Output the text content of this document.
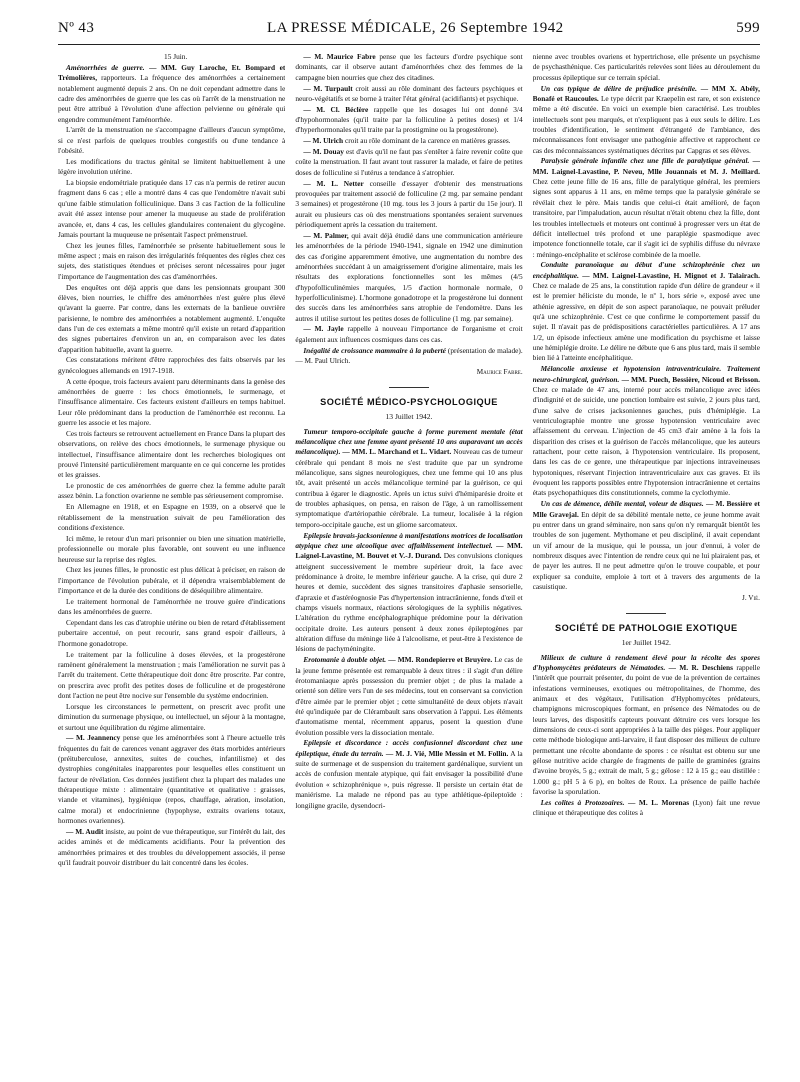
Nº 43	LA PRESSE MÉDICALE, 26 Septembre 1942	599

15 Juin.

Aménorrhées de guerre. — MM. Guy Laroche, Et. Bompard et Trémolières, rapporteurs. La fréquence des aménorrhées a certainement notablement augmenté depuis 2 ans. On ne doit cependant admettre dans le cadre des aménorrhées de guerre que les cas où l'arrêt de la menstruation ne peut être attribué à l'évolution d'une affection pelvienne ou générale qui engendre communément l'aménorrhée.

L'arrêt de la menstruation ne s'accompagne d'ailleurs d'aucun symptôme, si ce n'est parfois de quelques troubles congestifs ou d'une tendance à l'obésité.

Les modifications du tractus génital se limitent habituellement à une légère involution utérine.

La biopsie endométriale pratiquée dans 17 cas n'a permis de retirer aucun fragment dans 6 cas ; elle a montré dans 4 cas que l'endomètre n'avait subi qu'une faible stimulation folliculinique. Dans 3 cas l'action de la folliculine avait été assez intense pour amener la muqueuse au stade de prolifération avancée, et, dans 4 cas, les cellules glandulaires contenaient du glycogène. Jamais pourtant la muqueuse ne présentait l'aspect prémenstruel.

Chez les jeunes filles, l'aménorrhée se présente habituellement sous le même aspect ; mais en raison des irrégularités fréquentes des règles chez ces sujets, des statistiques étendues et précises seront nécessaires pour juger l'importance de l'augmentation des cas d'aménorrhées.

Des enquêtes ont déjà appris que dans les pensionnats groupant 300 élèves, bien nourries, le chiffre des aménorrhées n'est guère plus élevé qu'avant la guerre. Par contre, dans les externats de la banlieue ouvrière parisienne, le nombre des aménorrhées a notablement augmenté. L'enquête dans l'un de ces externats a même montré qu'il existe un retard d'apparition des signes pubertaires d'environ un an, en comparaison avec les dates d'apparition habituelle, avant la guerre.

Ces constatations méritent d'être rapprochées des faits observés par les gynécologues allemands en 1917-1918.

A cette époque, trois facteurs avaient paru déterminants dans la genèse des aménorrhées de guerre : les chocs émotionnels, le surmenage, et l'insuffisance alimentaire. Ces facteurs existent d'ailleurs en temps habituel. Leur rôle prédominant dans la production de l'aménorrhée est reconnu. La guerre les associe et les majore.

Ces trois facteurs se retrouvent actuellement en France Dans la plupart des observations, on relève des chocs émotionnels, le surmenage physique ou intellectuel, l'insuffisance alimentaire dont les recherches biologiques ont prouvé l'intensité particulièrement marquante en ce qui concerne les protides et les graisses.

Le pronostic de ces aménorrhées de guerre chez la femme adulte paraît assez bénin. La fonction ovarienne ne semble pas sérieusement compromise.

En Allemagne en 1918, et en Espagne en 1939, on a observé que le rétablissement de la menstruation suivait de peu l'amélioration des conditions d'existence.

Ici même, le retour d'un mari prisonnier ou bien une situation matérielle, professionnelle ou morale plus favorable, ont souvent eu une influence heureuse sur la reprise des règles.

Chez les jeunes filles, le pronostic est plus délicat à préciser, en raison de l'importance de l'évolution pubérale, et il dépendra vraisemblablement de l'importance et de la durée des conditions de déséquilibre alimentaire.

Le traitement hormonal de l'aménorrhée ne trouve guère d'indications dans les aménorrhées de guerre.

Cependant dans les cas d'atrophie utérine ou bien de retard d'établissement pubertaire accentué, on peut recourir, sans grand espoir d'ailleurs, à l'hormone gonadotrope.

Le traitement par la folliculine à doses élevées, et la progestérone ramènent généralement la menstruation ; mais l'amélioration ne survit pas à l'arrêt du traitement. Cette thérapeutique doit donc être proscrite. Par contre, on prescrira avec profit des petites doses de folliculine et de progestérone dont l'action ne peut être nocive sur l'ensemble du système endocrinien.

Lorsque les circonstances le permettent, on prescrit avec profit une diminution du surmenage physique, ou intellectuel, un séjour à la montagne, et surtout une équilibration du régime alimentaire.

— M. Jeannency pense que les aménorrhées sont à l'heure actuelle très fréquentes du fait de carences venant aggraver des états morbides antérieurs (préituberculose, annexites, suites de couches, infantilisme) et des dystrophies congénitales inapparentes pour lesquelles elles constituent un facteur de révélation. Ces données justifient chez la plupart des malades une thérapeutique mixte : alimentaire (quantitative et qualitative : graisses, viande et vitamines), hygiénique (repos, chauffage, aération, insolation, calme moral) et endocrinienne (hypophyse, extraits ovariens totaux, hormones ovariennes).

— M. Audit insiste, au point de vue thérapeutique, sur l'intérêt du lait, des acides aminés et de médicaments acidifiants. Pour la prévention des aménorrhées primaires et des troubles du développement associés, il pense qu'il faudrait pouvoir distribuer du lait concentré dans les écoles.

— M. Maurice Fabre pense que les facteurs d'ordre psychique sont dominants, car il observe autant d'aménorrhées chez des femmes de la campagne bien nourries que chez des citadines.

— M. Turpault croit aussi au rôle dominant des facteurs psychiques et neuro-végétatifs et se borne à traiter l'état général (acidifiants) et psychique.

— M. Cl. Béclère rappelle que les dosages lui ont donné 3/4 d'hypohormonales (qu'il traite par la folliculine à petites doses) et 1/4 d'hyperhormonales qu'il traite par la prostigmine ou la progestérone).

— M. Ulrich croit au rôle dominant de la carence en matières grasses.

— M. Douay est d'avis qu'il ne faut pas s'entêter à faire revenir coûte que coûte la menstruation. Il faut avant tout rassurer la malade, et faire de petites doses de folliculine si l'utérus a tendance à s'atrophier.

— M. L. Netter conseille d'essayer d'obtenir des menstruations provoquées par traitement associé de folliculine (2 mg. par semaine pendant 3 semaines) et progestérone (10 mg. tous les 3 jours à partir du 15e jour). Il aurait eu plusieurs cas où des menstruations spontanées seraient survenues périodiquement après la cessation du traitement.

— M. Palmer, qui avait déjà étudié dans une communication antérieure les aménorrhées de la période 1940-1941, signale en 1942 une diminution des cas d'origine apparemment émotive, une augmentation du nombre des aménorrhées succédant à un amaigrissement d'origine alimentaire, mais les résultats des explorations fonctionnelles sont les mêmes (4/5 d'hypofolliculinémies marquées, 1/5 d'action hormonale normale, 0 hyperfolliculinisme). L'hormone gonadotrope et la progestérone lui donnent des succès dans les aménorrhées sans atrophie de l'endomètre. Dans les autres il utilise surtout les petites doses de folliculine (1 mg. par semaine).

— M. Jayle rappelle à nouveau l'importance de l'organisme et croit également aux influences cosmiques dans ces cas.

Inégalité de croissance mammaire à la puberté (présentation de malade). — M. Paul Ulrich.

Maurice Fabre.

SOCIÉTÉ MÉDICO-PSYCHOLOGIQUE
13 Juillet 1942.

Tumeur temporo-occipitale gauche à forme purement mentale (état mélancolique chez une femme ayant présenté 10 ans auparavant un accès mélancolique). — MM. L. Marchand et L. Vidart. Nouveau cas de tumeur cérébrale qui pendant 8 mois ne s'est traduite que par un syndrome mélancolique, sans signes neurologiques, chez une femme qui 10 ans plus tôt, avait présenté un accès mélancolique terminé par la guérison, ce qui contribua à égarer le diagnostic. Après un ictus suivi d'hémiparésie droite et de troubles aphasiques, on pensa, en raison de l'âge, à un ramollissement symptomatique d'artériopathie cérébrale. La tumeur, localisée à la région temporo-occipitale gauche, est un gliome sarcomateux.

Epilepsie bravais-jacksonienne à manifestations motrices de localisation atypique chez une alcoolique avec affaiblissement intellectuel. — MM. Laignel-Lavastine, M. Bouvet et V.-J. Durand. Des convulsions cloniques atteignent successivement le membre supérieur droit, la face avec prédominance à droite, le membre inférieur gauche. A la crise, qui dure 2 heures et demie, succèdent des signes transitoires d'aphasie sensorielle, d'apraxie et d'astéréognosie Pas d'hypertension intracrânienne, fonds d'œil et champs visuels normaux, réactions sérologiques de la syphilis négatives. L'altération du rythme encéphalographique prédomine pour la dérivation occipitale droite. Les auteurs pensent à deux zones épileptogènes par altération diffuse du méninge liée à l'alcoolisme, et peut-être à l'existence de lésions de pachyméningite.

Erotomanie à double objet. — MM. Rondepierre et Bruyère. Le cas de la jeune femme présentée est remarquable à deux titres : il s'agit d'un délire érotomaniaque après possession du premier objet ; de plus la malade a orienté son délire vers l'un de ses médecins, tout en conservant sa conviction d'être aimée par le premier objet ; cette simultanéité de deux objets n'avait été qu'indiquée par de Clérambault sans observation à l'appui. Les éléments d'automatisme mental, récemment apparus, posent la question d'une évolution possible vers la dissociation mentale.

Epilepsie et discordance : accès confusionnel discordant chez une épileptique, étude du terrain. — M. J. Vié, Mlle Messin et M. Follin. A la suite de surmenage et de suspension du traitement gardénalique, survient un accès de confusion mentale atypique, qui fait envisager la possibilité d'une évolution « schizophrénique », puis régresse. Il persiste un certain état de maniérisme. La malade ne répond pas au type athlétique-épileptoïde : longiligne gracile, dysendocri-

nienne avec troubles ovariens et hypertrichose, elle présente un psychisme de psychasthénique. Ces particularités relevées sont liées au déroulement du processus épileptique sur ce terrain spécial.

Un cas typique de délire de préjudice présénile. — MM X. Abély, Bonafé et Raucoules. Le type décrit par Kraepelin est rare, et son existence même a été discutée. En voici un exemple bien caractérisé. Les troubles intellectuels sont peu marqués, et n'expliquent pas à eux seuls le délire. Les troubles d'identification, le sentiment d'étrangeté de l'ambiance, des méconnaissances font envisager une pathogénie affective et rapprochent ce cas des méconnaissances systématiques décrites par Capgras et ses élèves.

Paralysie générale infantile chez une fille de paralytique général. — MM. Laignel-Lavastine, P. Neveu, Mlle Jouannais et M. J. Meillard. Chez cette jeune fille de 16 ans, fille de paralytique général, les premiers signes sont apparus à 11 ans, en même temps que la paralysie générale se révélait chez le père. Mais tandis que celui-ci était amélioré, de façon transitoire, par l'impaludation, aucun résultat n'était obtenu chez la fille, dont les troubles intellectuels et moteurs ont continué à progresser vers un état de déficit intellectuel très profond et une paraplégie spasmodique avec impotence fonctionnelle totale, car il s'agit ici de syphilis diffuse du névraxe : méningo-encéphalite et sclérose combinée de la moelle.

Conduite paranoïaque au début d'une schizophrénie chez un encéphalitique. — MM. Laignel-Lavastine, H. Mignot et J. Talairach. Chez ce malade de 25 ans, la constitution rapide d'un délire de grandeur « il est le premier héliciste du monde, le nº 1, hors série », exposé avec une athénie agressive, en dépit de son aspect paranoïaque, ne pouvait préluder qu'à une schizophrénie. C'est ce que confirme le comportement passif du sujet. Il n'avait pas de prédispositions caractérielles particulières. A 17 ans 1/2, un épisode infectieux amène une modification du psychisme et laisse une hémiplégie droite. Le délire ne débute que 6 ans plus tard, mais il semble bien lié à l'atteinte encéphalitique.

Mélancolie anxieuse et hypotension intraventriculaire. Traitement neuro-chirurgical, guérison. — MM. Puech, Bessière, Nicoud et Brisson. Chez ce malade de 47 ans, interné pour accès mélancolique avec idées d'indignité et de suicide, une ponction lombaire est suivie, 2 jours plus tard, d'une salve de crises jacksoniennes gauches, puis d'hémiplégie. La ventriculographie montre une grosse hypotension ventriculaire avec affaissement du cerveau. L'injection de 45 cm3 d'air amène à la fois la disparition des crises et la guérison de l'accès mélancolique, que les auteurs rattachent, pour cette raison, à l'hypotension ventriculaire. Ils proposent, dans les cas de ce genre, une thérapeutique par injections intraveineuses hypotoniques, réservant l'injection intraventriculaire aux cas graves. Et ils évoquent les rapports possibles entre l'hypotension intracrânienne et certains états psychopathiques dits constitutionnels, comme la cyclothymie.

Un cas de démence, débile mental, voleur de disques. — M. Bessière et Mlle Gravejal. En dépit de sa débilité mentale nette, ce jeune homme avait pu entrer dans un grand séminaire, non sans qu'on n'y remarquât bientôt les troubles de son jugement. Mythomane et peu discipliné, il avait cependant un vif amour de la musique, qui le poussa, un jour d'ennui, à voler de nombreux disques avec l'intention de rendre ceux qui ne lui plairaient pas, et de payer les autres. Il ne peut admettre qu'on le trouve coupable, et pour expliquer sa conduite, emploie à tort et à travers des arguments de la casuistique.

J. Vié.

SOCIÉTÉ DE PATHOLOGIE EXOTIQUE
1er Juillet 1942.

Milieux de culture à rendement élevé pour la récolte des spores d'hyphomycètes prédateurs de Nématodes. — M. R. Deschiens rappelle l'intérêt que pourrait présenter, du point de vue de la prévention de certaines infestations vermineuses, exotiques ou métropolitaines, de l'homme, des animaux et des végétaux, l'utilisation d'Hyphomycètes prédateurs, champignons microscopiques formant, en présence des Nématodes ou de leurs larves, des dispositifs capteurs pouvant détruire ces vers lorsque les dimensions de ceux-ci sont appropriées à la taille des pièges. Pour appliquer cette méthode biologique anti-larvaire, il faut disposer des milieux de culture permettant une récolte abondante de spores : ce résultat est obtenu sur une gélose nutritive acide chargée de fragments de paille de graminées (grains d'avoine broyés, 5 g.; extrait de malt, 5 g.; gélose : 12 à 15 g.; eau distillée : 1.000 g.; pH 5 à 6 p), en boîtes de Roux. La présence de paille hachée favorise la sporulation.

Les colites à Protozoaires. — M. L. Morenas (Lyon) fait une revue clinique et thérapeutique des colites à
